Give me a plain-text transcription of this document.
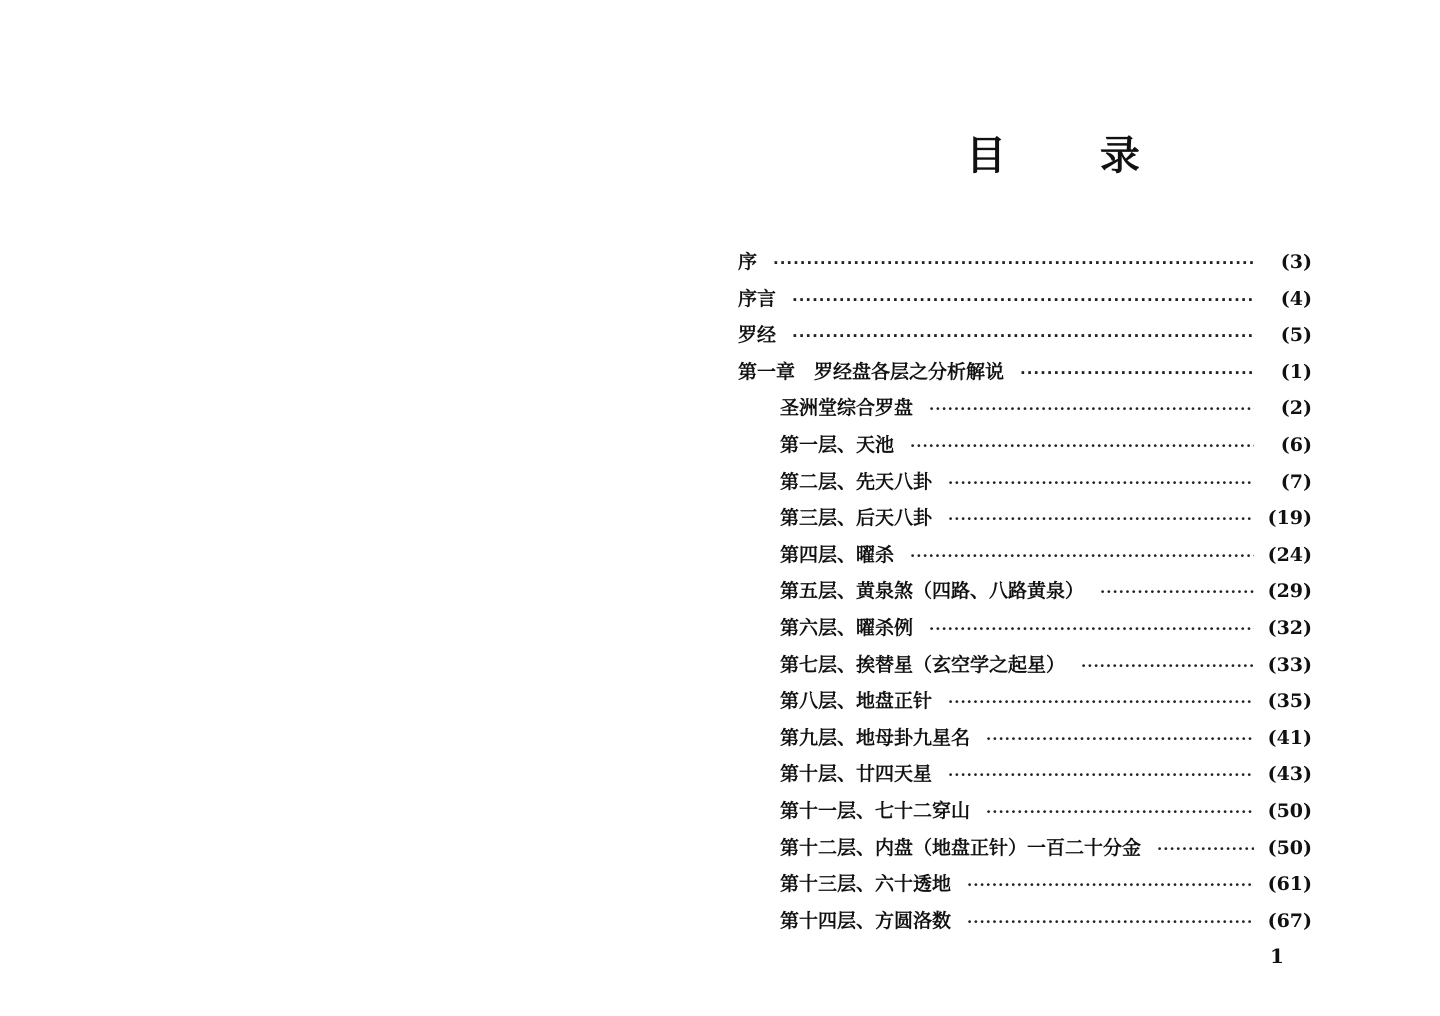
目 录
序 ·····	(3)
序言 ·····	(4)
罗经 ·····	(5)
第一章　罗经盘各层之分析解说 ·····	(1)
圣洲堂综合罗盘 ·····	(2)
第一层、天池 ·····	(6)
第二层、先天八卦 ·····	(7)
第三层、后天八卦 ·····	(19)
第四层、曜杀 ·····	(24)
第五层、黄泉煞（四路、八路黄泉） ·····	(29)
第六层、曜杀例 ·····	(32)
第七层、挨替星（玄空学之起星） ·····	(33)
第八层、地盘正针 ·····	(35)
第九层、地母卦九星名 ·····	(41)
第十层、廿四天星 ·····	(43)
第十一层、七十二穿山 ·····	(50)
第十二层、内盘（地盘正针）一百二十分金 ·····	(50)
第十三层、六十透地 ·····	(61)
第十四层、方圆洛数 ·····	(67)
1
